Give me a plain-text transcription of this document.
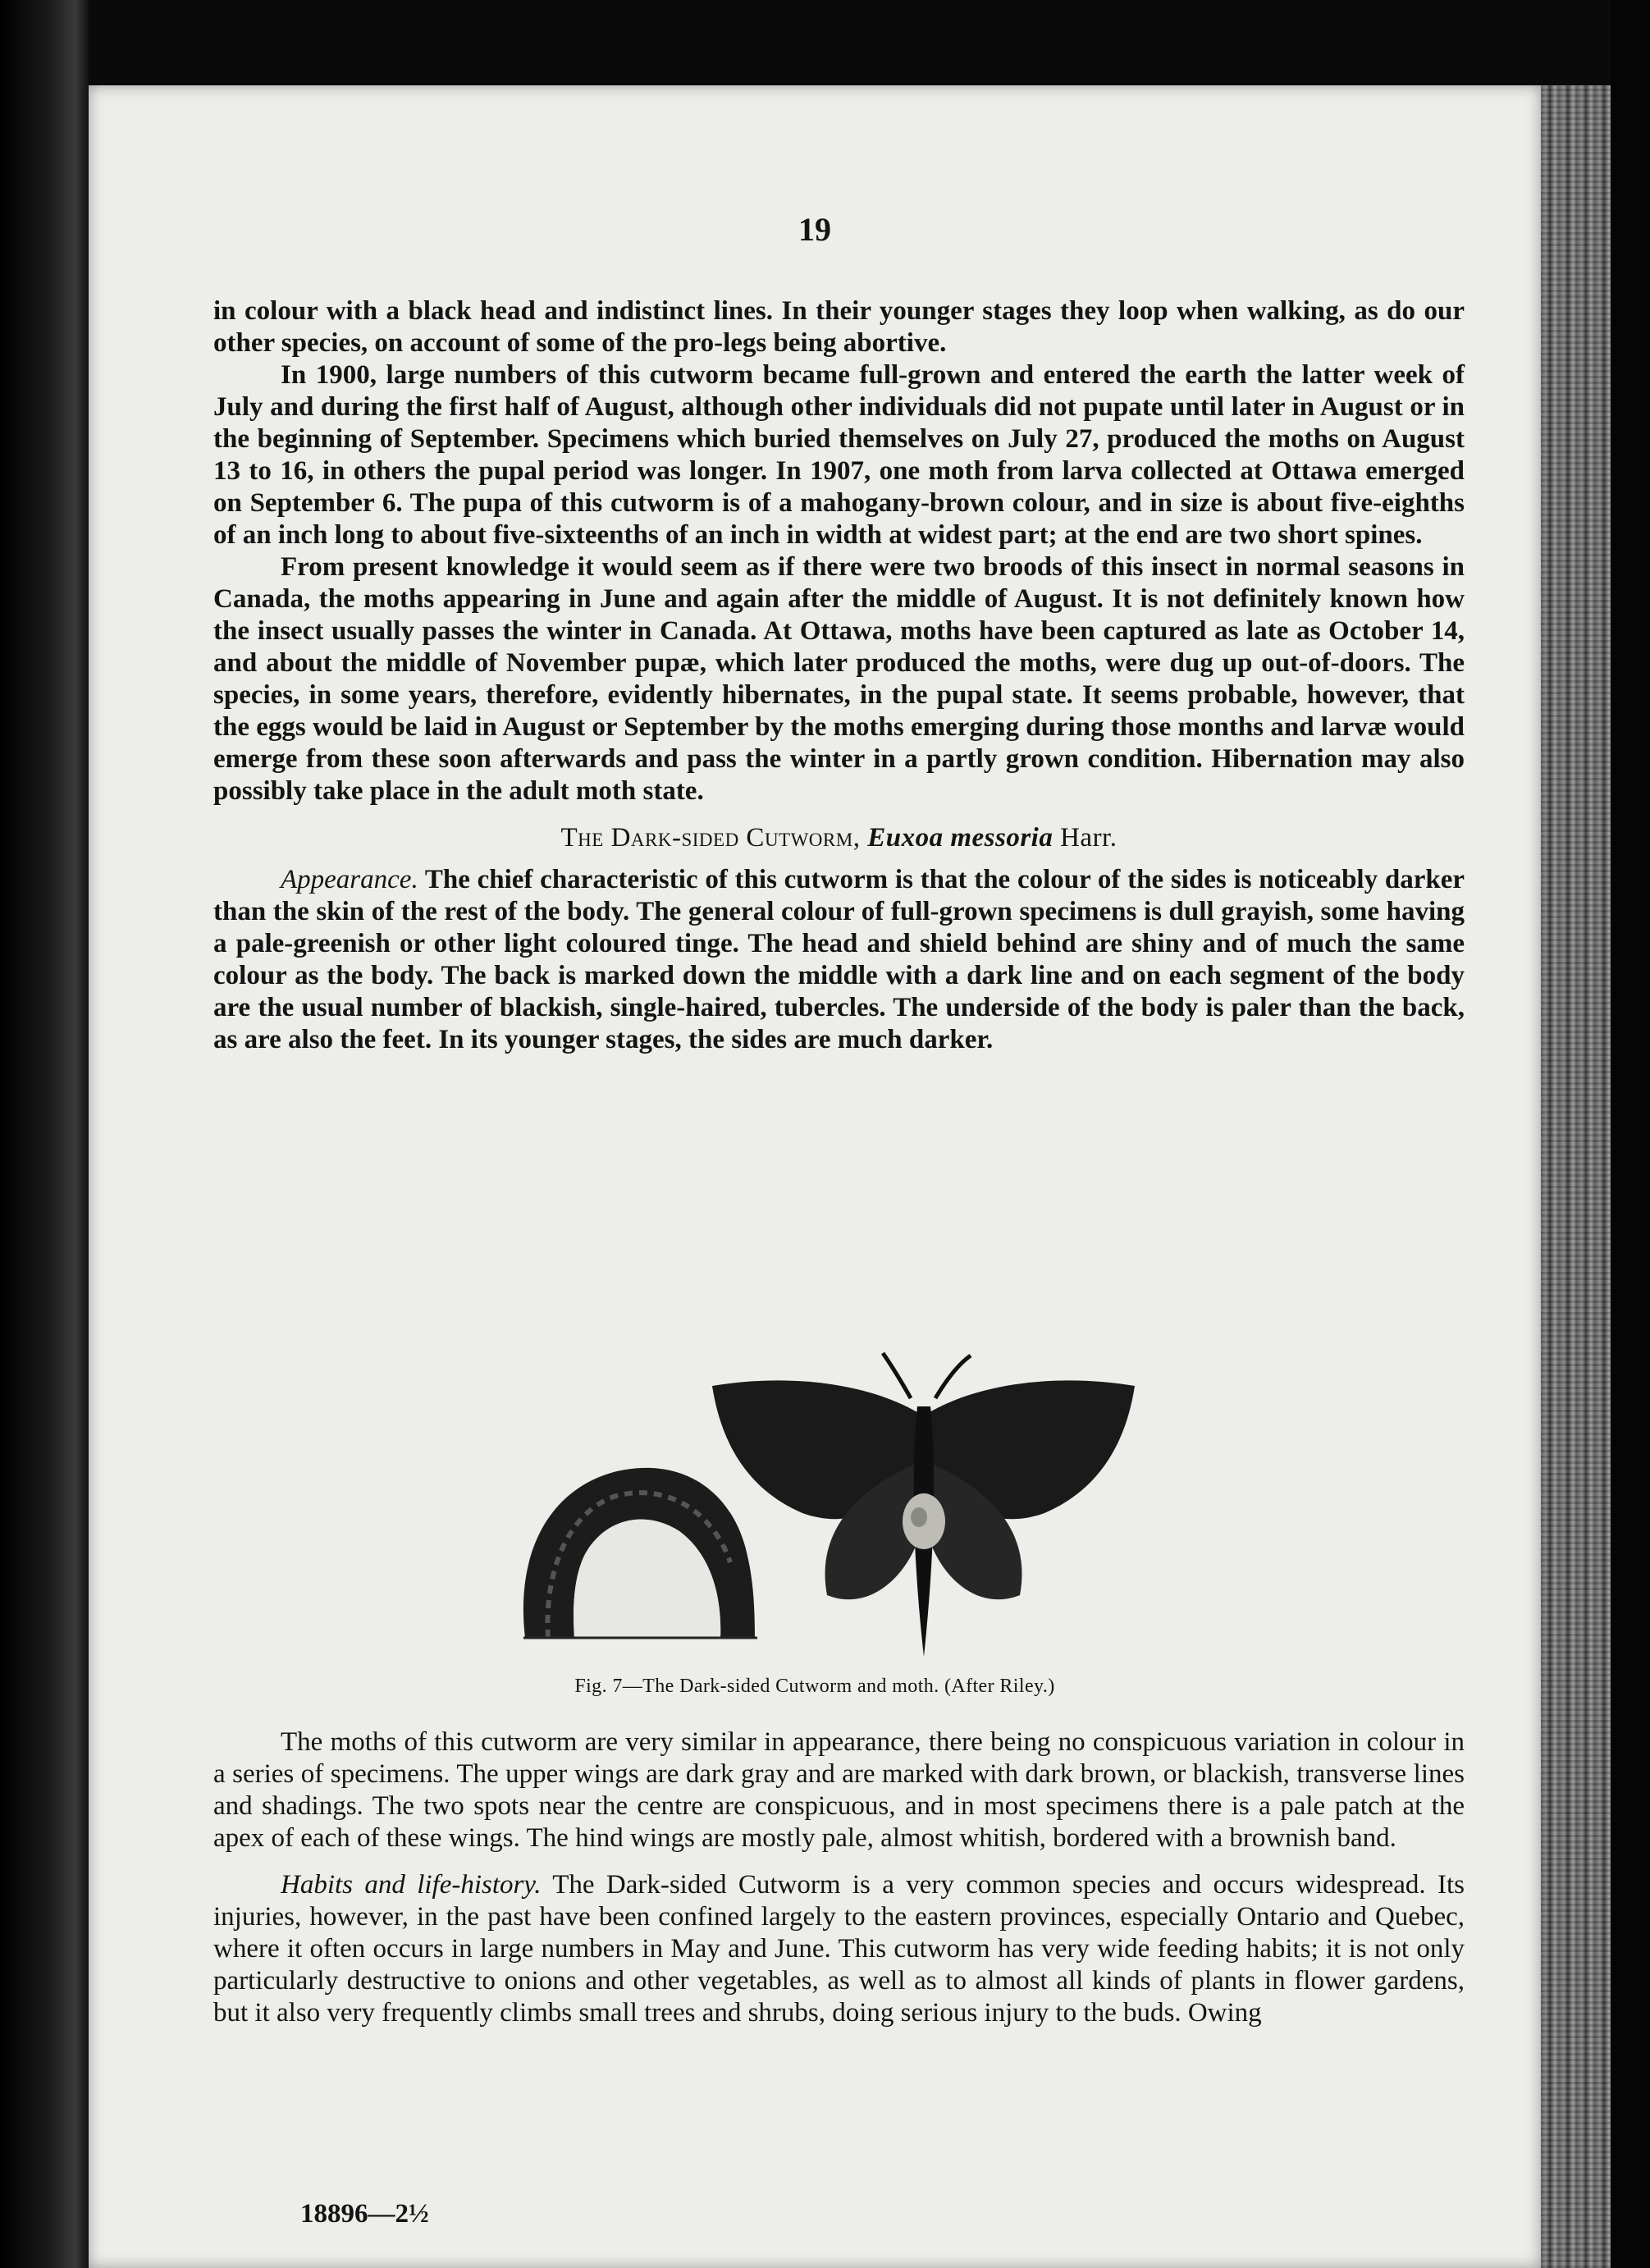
19

in colour with a black head and indistinct lines. In their younger stages they loop when walking, as do our other species, on account of some of the pro-legs being abortive.

In 1900, large numbers of this cutworm became full-grown and entered the earth the latter week of July and during the first half of August, although other individuals did not pupate until later in August or in the beginning of September. Specimens which buried themselves on July 27, produced the moths on August 13 to 16, in others the pupal period was longer. In 1907, one moth from larva collected at Ottawa emerged on September 6. The pupa of this cutworm is of a mahogany-brown colour, and in size is about five-eighths of an inch long to about five-sixteenths of an inch in width at widest part; at the end are two short spines.

From present knowledge it would seem as if there were two broods of this insect in normal seasons in Canada, the moths appearing in June and again after the middle of August. It is not definitely known how the insect usually passes the winter in Canada. At Ottawa, moths have been captured as late as October 14, and about the middle of November pupæ, which later produced the moths, were dug up out-of-doors. The species, in some years, therefore, evidently hibernates, in the pupal state. It seems probable, however, that the eggs would be laid in August or September by the moths emerging during those months and larvæ would emerge from these soon afterwards and pass the winter in a partly grown condition. Hibernation may also possibly take place in the adult moth state.

The Dark-sided Cutworm, Euxoa messoria Harr.

Appearance. The chief characteristic of this cutworm is that the colour of the sides is noticeably darker than the skin of the rest of the body. The general colour of full-grown specimens is dull grayish, some having a pale-greenish or other light coloured tinge. The head and shield behind are shiny and of much the same colour as the body. The back is marked down the middle with a dark line and on each segment of the body are the usual number of blackish, single-haired, tubercles. The underside of the body is paler than the back, as are also the feet. In its younger stages, the sides are much darker.

Fig. 7—The Dark-sided Cutworm and moth. (After Riley.)

The moths of this cutworm are very similar in appearance, there being no conspicuous variation in colour in a series of specimens. The upper wings are dark gray and are marked with dark brown, or blackish, transverse lines and shadings. The two spots near the centre are conspicuous, and in most specimens there is a pale patch at the apex of each of these wings. The hind wings are mostly pale, almost whitish, bordered with a brownish band.

Habits and life-history. The Dark-sided Cutworm is a very common species and occurs widespread. Its injuries, however, in the past have been confined largely to the eastern provinces, especially Ontario and Quebec, where it often occurs in large numbers in May and June. This cutworm has very wide feeding habits; it is not only particularly destructive to onions and other vegetables, as well as to almost all kinds of plants in flower gardens, but it also very frequently climbs small trees and shrubs, doing serious injury to the buds. Owing

18896—2½
